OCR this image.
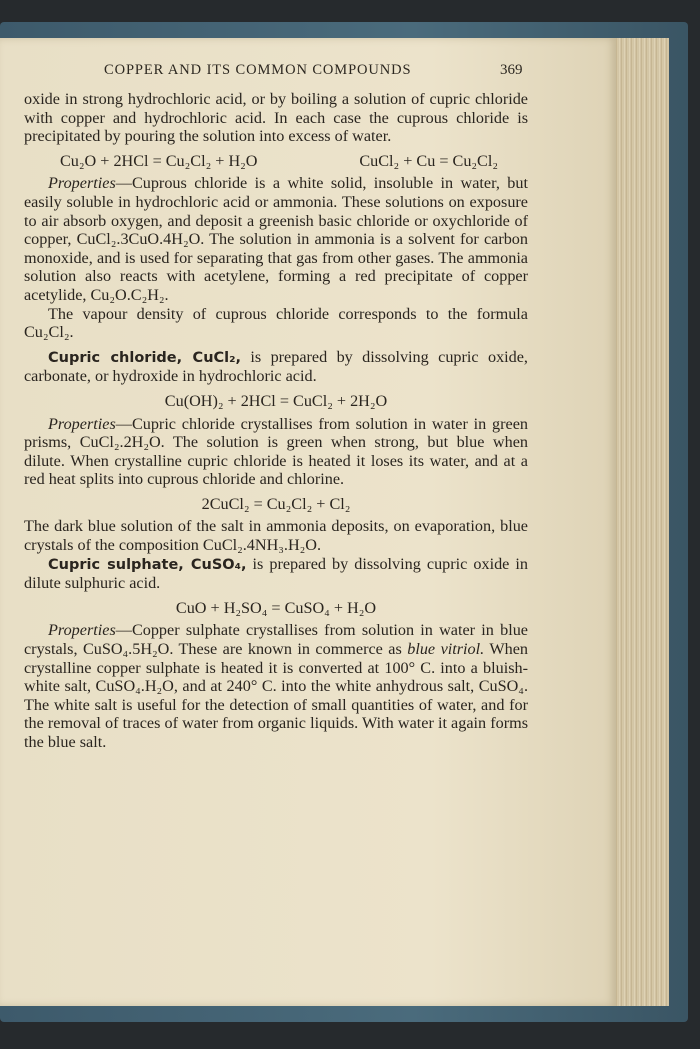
COPPER AND ITS COMMON COMPOUNDS	369

oxide in strong hydrochloric acid, or by boiling a solution of cupric chloride with copper and hydrochloric acid. In each case the cuprous chloride is precipitated by pouring the solution into excess of water.

Cu₂O + 2HCl = Cu₂Cl₂ + H₂O	CuCl₂ + Cu = Cu₂Cl₂

Properties—Cuprous chloride is a white solid, insoluble in water, but easily soluble in hydrochloric acid or ammonia. These solutions on exposure to air absorb oxygen, and deposit a greenish basic chloride or oxychloride of copper, CuCl₂.3CuO.4H₂O. The solution in ammonia is a solvent for carbon monoxide, and is used for separating that gas from other gases. The ammonia solution also reacts with acetylene, forming a red precipitate of copper acetylide, Cu₂O.C₂H₂.

The vapour density of cuprous chloride corresponds to the formula Cu₂Cl₂.

Cupric chloride, CuCl₂, is prepared by dissolving cupric oxide, carbonate, or hydroxide in hydrochloric acid.

Cu(OH)₂ + 2HCl = CuCl₂ + 2H₂O

Properties—Cupric chloride crystallises from solution in water in green prisms, CuCl₂.2H₂O. The solution is green when strong, but blue when dilute. When crystalline cupric chloride is heated it loses its water, and at a red heat splits into cuprous chloride and chlorine.

2CuCl₂ = Cu₂Cl₂ + Cl₂

The dark blue solution of the salt in ammonia deposits, on evaporation, blue crystals of the composition CuCl₂.4NH₃.H₂O.

Cupric sulphate, CuSO₄, is prepared by dissolving cupric oxide in dilute sulphuric acid.

CuO + H₂SO₄ = CuSO₄ + H₂O

Properties—Copper sulphate crystallises from solution in water in blue crystals, CuSO₄.5H₂O. These are known in commerce as blue vitriol. When crystalline copper sulphate is heated it is converted at 100° C. into a bluish-white salt, CuSO₄.H₂O, and at 240° C. into the white anhydrous salt, CuSO₄. The white salt is useful for the detection of small quantities of water, and for the removal of traces of water from organic liquids. With water it again forms the blue salt.
